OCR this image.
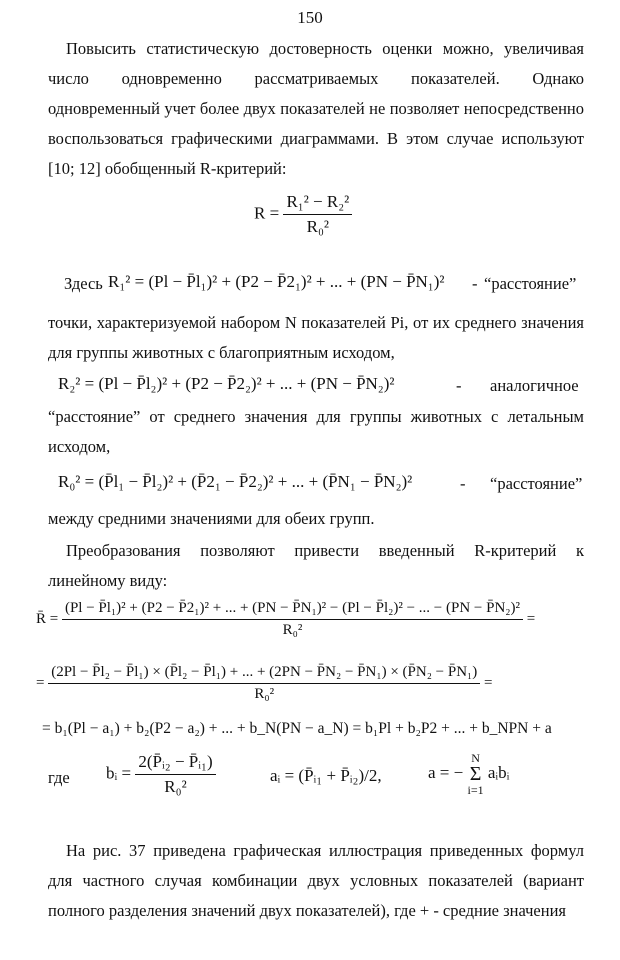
150
Повысить статистическую достоверность оценки можно, увеличивая число одновременно рассматриваемых показателей. Однако одновременный учет более двух показателей не позволяет непосредственно воспользоваться графическими диаграммами. В этом случае используют [10; 12] обобщенный R-критерий:
$R = \frac{\text{R₁² − R₂²}}{\text{R₀²}}$
Здесь R₁² = (Pl − P̄l₁)² + (P2 − P̄2₁)² + ... + (PN − P̄N₁)² - “расстояние”
точки, характеризуемой набором N показателей Pi, от их среднего значения для группы животных с благоприятным исходом,
R₂² = (Pl − P̄l₂)² + (P2 − P̄2₂)² + ... + (PN − P̄N₂)²	- аналогичное
“расстояние” от среднего значения для группы животных с летальным исходом,
R₀² = (P̄l₁ − P̄l₂)² + (P̄2₁ − P̄2₂)² + ... + (P̄N₁ − P̄N₂)²	- “расстояние”
между средними значениями для обеих групп.
Преобразования позволяют привести введенный R-критерий к линейному виду:
R̄ =
(Pl − P̄l₁)² + (P2 − P̄2₁)² + ... + (PN − P̄N₁)² − (Pl − P̄l₂)² − ... − (PN − P̄N₂)²
R₀²
=
=
(2Pl − P̄l₂ − P̄l₁) × (P̄l₂ − P̄l₁) + ... + (2PN − P̄N₂ − P̄N₁) × (P̄N₂ − P̄N₁)
R₀²
=
= b₁(Pl − a₁) + b₂(P2 − a₂) + ... + b_N(PN − a_N) = b₁Pl + b₂P2 + ... + b_NPN + a
где bᵢ = $\frac{\text{2(P̄ᵢ₂ − P̄ᵢ₁)}}{\text{R₀²}}$	aᵢ = (P̄ᵢ₁ + P̄ᵢ₂)/2,	a = −
N
Σ
i=1
aᵢbᵢ
На рис. 37 приведена графическая иллюстрация приведенных формул для частного случая комбинации двух условных показателей (вариант полного разделения значений двух показателей), где + - средние значения
